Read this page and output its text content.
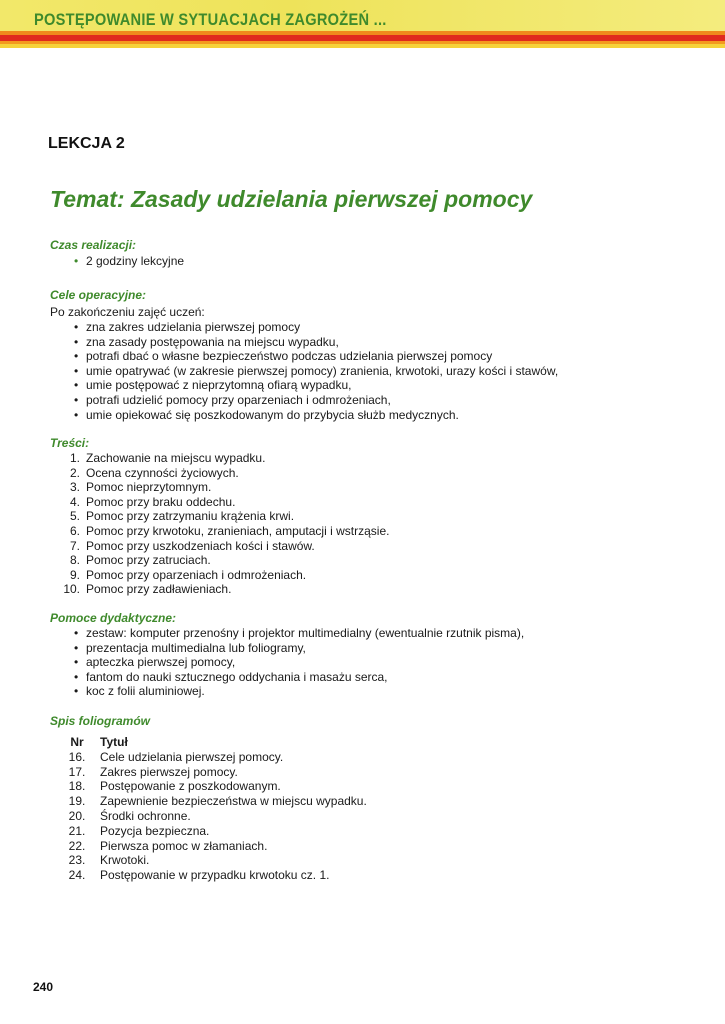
POSTĘPOWANIE W SYTUACJACH ZAGROŻEŃ ...
LEKCJA 2
Temat: Zasady udzielania pierwszej pomocy
Czas realizacji:
• 2 godziny lekcyjne
Cele operacyjne:
Po zakończeniu zajęć uczeń:
• zna zakres udzielania pierwszej pomocy
• zna zasady postępowania na miejscu wypadku,
• potrafi dbać o własne bezpieczeństwo podczas udzielania pierwszej pomocy
• umie opatrywać (w zakresie pierwszej pomocy) zranienia, krwotoki, urazy kości i stawów,
• umie postępować z nieprzytomną ofiarą wypadku,
• potrafi udzielić pomocy przy oparzeniach i odmrożeniach,
• umie opiekować się poszkodowanym do przybycia służb medycznych.
Treści:
1. Zachowanie na miejscu wypadku.
2. Ocena czynności życiowych.
3. Pomoc nieprzytomnym.
4. Pomoc przy braku oddechu.
5. Pomoc przy zatrzymaniu krążenia krwi.
6. Pomoc przy krwotoku, zranieniach, amputacji i wstrząsie.
7. Pomoc przy uszkodzeniach kości i stawów.
8. Pomoc przy zatruciach.
9. Pomoc przy oparzeniach i odmrożeniach.
10. Pomoc przy zadławieniach.
Pomoce dydaktyczne:
• zestaw: komputer przenośny i projektor multimedialny (ewentualnie rzutnik pisma),
• prezentacja multimedialna lub foliogramy,
• apteczka pierwszej pomocy,
• fantom do nauki sztucznego oddychania i masażu serca,
• koc z folii aluminiowej.
Spis foliogramów
Nr	Tytuł
16.	Cele udzielania pierwszej pomocy.
17.	Zakres pierwszej pomocy.
18.	Postępowanie z poszkodowanym.
19.	Zapewnienie bezpieczeństwa w miejscu wypadku.
20.	Środki ochronne.
21.	Pozycja bezpieczna.
22.	Pierwsza pomoc w złamaniach.
23.	Krwotoki.
24.	Postępowanie w przypadku krwotoku cz. 1.
240
